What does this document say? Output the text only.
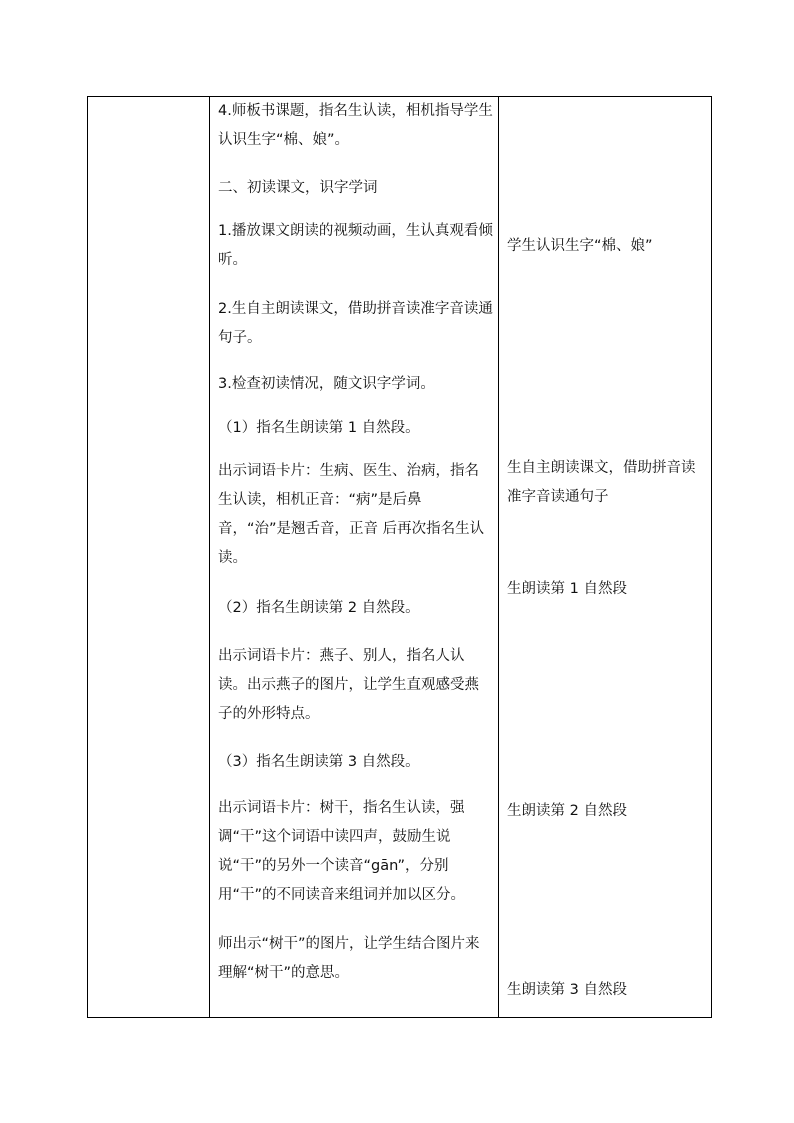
4.师板书课题，指名生认读，相机指导学生认识生字“棉、娘”。

二、初读课文，识字学词

1.播放课文朗读的视频动画，生认真观看倾听。

2.生自主朗读课文，借助拼音读准字音读通句子。

3.检查初读情况，随文识字学词。

（1）指名生朗读第 1 自然段。

出示词语卡片：生病、医生、治病，指名生认读，相机正音：“病”是后鼻音，“治”是翘舌音，正音 后再次指名生认读。

（2）指名生朗读第 2 自然段。

出示词语卡片：燕子、别人，指名人认读。出示燕子的图片，让学生直观感受燕子的外形特点。

（3）指名生朗读第 3 自然段。

出示词语卡片：树干，指名生认读，强调“干”这个词语中读四声，鼓励生说说“干”的另外一个读音“gān”，分别用“干”的不同读音来组词并加以区分。

师出示“树干”的图片，让学生结合图片来理解“树干”的意思。

学生认识生字“棉、娘”

生自主朗读课文，借助拼音读准字音读通句子

生朗读第 1 自然段

生朗读第 2 自然段

生朗读第 3 自然段
